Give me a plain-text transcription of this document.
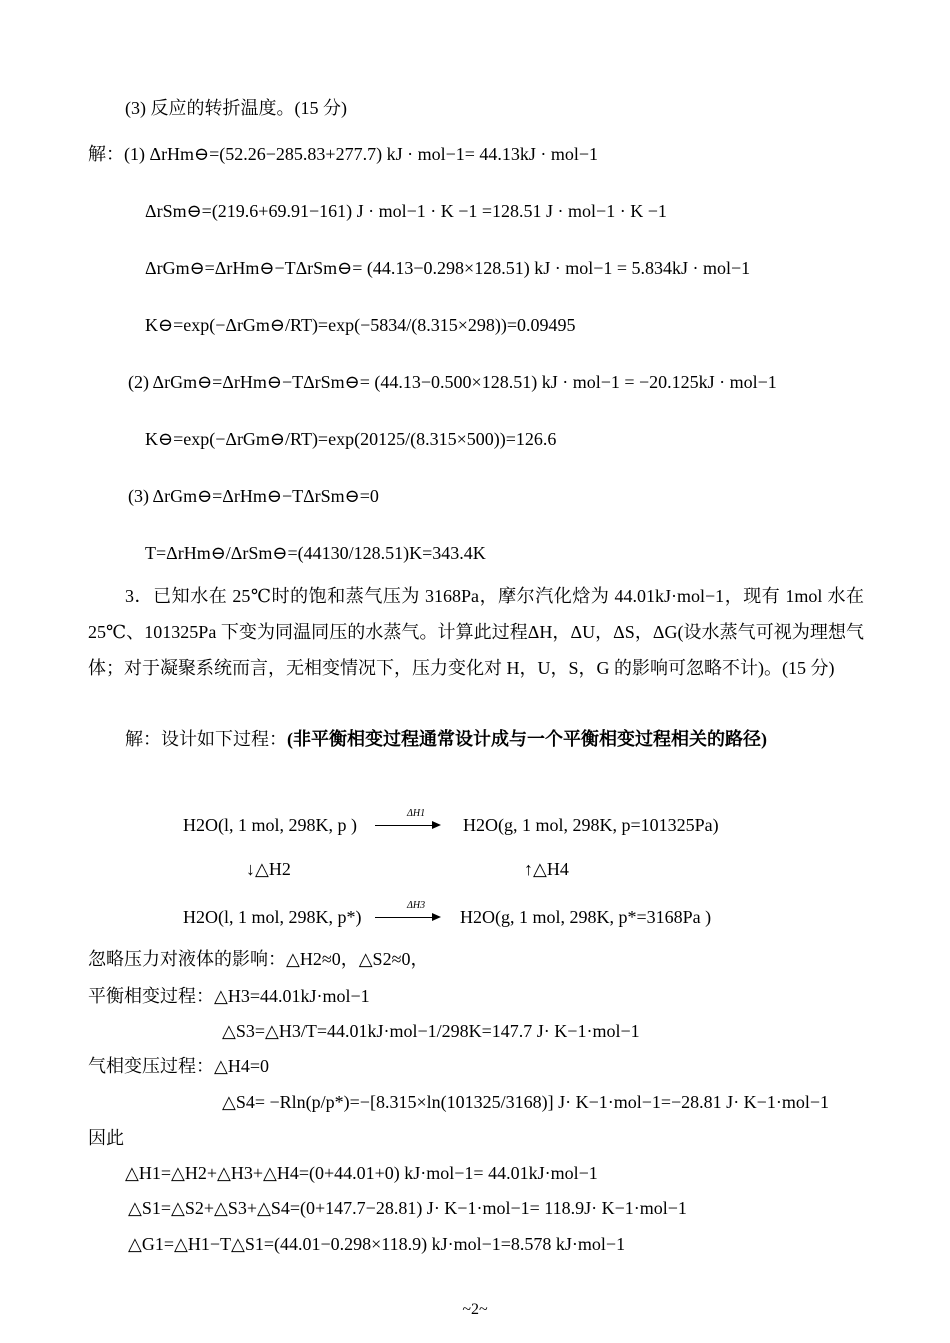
(3) 反应的转折温度。(15 分)
解：(1) ΔrHm⊖=(52.26−285.83+277.7) kJ · mol−1= 44.13kJ · mol−1
ΔrSm⊖=(219.6+69.91−161) J · mol−1 · K −1 =128.51 J · mol−1 · K −1
ΔrGm⊖=ΔrHm⊖−TΔrSm⊖= (44.13−0.298×128.51) kJ · mol−1 = 5.834kJ · mol−1
K⊖=exp(−ΔrGm⊖/RT)=exp(−5834/(8.315×298))=0.09495
(2) ΔrGm⊖=ΔrHm⊖−TΔrSm⊖= (44.13−0.500×128.51) kJ · mol−1 = −20.125kJ · mol−1
K⊖=exp(−ΔrGm⊖/RT)=exp(20125/(8.315×500))=126.6
(3) ΔrGm⊖=ΔrHm⊖−TΔrSm⊖=0
T=ΔrHm⊖/ΔrSm⊖=(44130/128.51)K=343.4K
3．已知水在 25℃时的饱和蒸气压为 3168Pa，摩尔汽化焓为 44.01kJ·mol−1，现有 1mol 水在 25℃、101325Pa 下变为同温同压的水蒸气。计算此过程ΔH，ΔU，ΔS，ΔG(设水蒸气可视为理想气体；对于凝聚系统而言，无相变情况下，压力变化对 H，U，S，G 的影响可忽略不计)。(15 分)
解：设计如下过程：(非平衡相变过程通常设计成与一个平衡相变过程相关的路径)
H2O(l, 1 mol, 298K, p )
ΔH1
H2O(g, 1 mol, 298K, p=101325Pa)
↓△H2	↑△H4
H2O(l, 1 mol, 298K, p*)
ΔH3
H2O(g, 1 mol, 298K, p*=3168Pa )
忽略压力对液体的影响：△H2≈0，△S2≈0，
平衡相变过程：△H3=44.01kJ·mol−1
△S3=△H3/T=44.01kJ·mol−1/298K=147.7 J· K−1·mol−1
气相变压过程：△H4=0
△S4= −Rln(p/p*)=−[8.315×ln(101325/3168)] J· K−1·mol−1=−28.81 J· K−1·mol−1
因此
△H1=△H2+△H3+△H4=(0+44.01+0) kJ·mol−1= 44.01kJ·mol−1
△S1=△S2+△S3+△S4=(0+147.7−28.81) J· K−1·mol−1= 118.9J· K−1·mol−1
△G1=△H1−T△S1=(44.01−0.298×118.9) kJ·mol−1=8.578 kJ·mol−1
~2~
